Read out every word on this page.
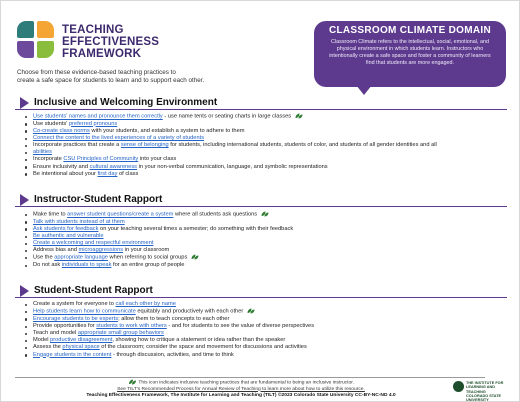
TEACHING
EFFECTIVENESS
FRAMEWORK
Choose from these evidence-based teaching practices to
create a safe space for students to learn and to support each other.
CLASSROOM CLIMATE DOMAIN

Classroom Climate refers to the intellectual, social, emotional, and
physical environment in which students learn. Instructors who
intentionally create a safe space and foster a community of learners
find that students are more engaged.

Inclusive and Welcoming Environment
Use students' names and pronounce them correctly - use name tents or seating charts in large classes
Use students' preferred pronouns
Co-create class norms with your students, and establish a system to adhere to them
Connect the content to the lived experiences of a variety of students
Incorporate practices that create a sense of belonging for students, including international students, students of color, and students of all gender identities and all
abilities
Incorporate CSU Principles of Community into your class
Ensure inclusivity and cultural awareness in your non-verbal communication, language, and symbolic representations
Be intentional about your first day of class
Instructor-Student Rapport
Make time to answer student questions/create a system where all students ask questions
Talk with students instead of at them
Ask students for feedback on your teaching several times a semester; do something with their feedback
Be authentic and vulnerable
Create a welcoming and respectful environment
Address bias and microaggressions in your classroom
Use the appropriate language when referring to social groups
Do not ask individuals to speak for an entire group of people
Student-Student Rapport
Create a system for everyone to call each other by name
Help students learn how to communicate equitably and productively with each other
Encourage students to be experts; allow them to teach concepts to each other
Provide opportunities for students to work with others - and for students to see the value of diverse perspectives
Teach and model appropriate small group behaviors
Model productive disagreement, showing how to critique a statement or idea rather than the speaker
Assess the physical space of the classroom; consider the space and movement for discussions and activities
Engage students in the content - through discussion, activities, and time to think
This icon indicates inclusive teaching practices that are fundamental to being an inclusive instructor.
See TILT's Recommended Process for Annual Review of Teaching to learn more about how to utilize this resource.
Teaching Effectiveness Framework, The Institute for Learning and Teaching (TILT) ©2023 Colorado State University CC-BY-NC-ND 4.0
THE INSTITUTE FOR
LEARNING AND TEACHING
COLORADO STATE UNIVERSITY
